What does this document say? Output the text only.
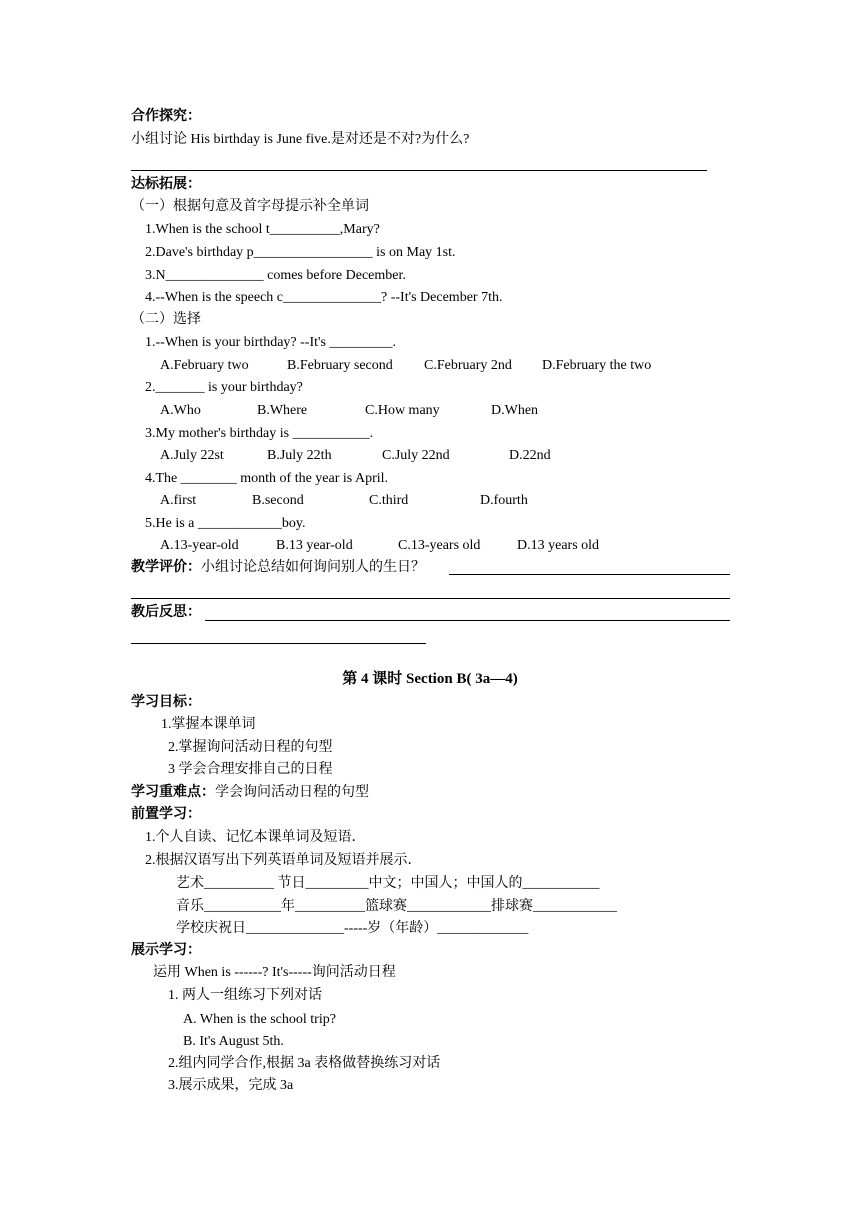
合作探究：
小组讨论 His birthday is June five.是对还是不对?为什么?
达标拓展：
（一）根据句意及首字母提示补全单词
1.When is the school t__________,Mary?
2.Dave's birthday p_________________ is on May 1st.
3.N______________ comes before December.
4.--When is the speech c______________? --It's December 7th.
（二）选择
1.--When is your birthday? --It's _________.
A.February two	B.February second C.February 2nd D.February the two
2._______ is your birthday?
A.Who	B.Where	C.How many	D.When
3.My mother's birthday is ___________.
A.July 22st	B.July 22th	C.July 22nd	D.22nd
4.The ________ month of the year is April.
A.first	B.second	C.third	D.fourth
5.He is a ____________boy.
A.13-year-old	B.13 year-old	C.13-years old	D.13 years old
教学评价：小组讨论总结如何询问别人的生日？
教后反思：
第 4 课时 Section B( 3a—4)
学习目标：
1.掌握本课单词
2.掌握询问活动日程的句型
3 学会合理安排自己的日程
学习重难点：学会询问活动日程的句型
前置学习：
1.个人自读、记忆本课单词及短语．
2.根据汉语写出下列英语单词及短语并展示．
艺术__________ 节日_________中文；中国人；中国人的___________
音乐___________年__________篮球赛____________排球赛____________
学校庆祝日______________-----岁（年龄）_____________
展示学习：
运用 When is ------? It's-----询问活动日程
1. 两人一组练习下列对话
A. When is the school trip?
B. It's August 5th.
2.组内同学合作,根据 3a 表格做替换练习对话
3.展示成果，完成 3a
